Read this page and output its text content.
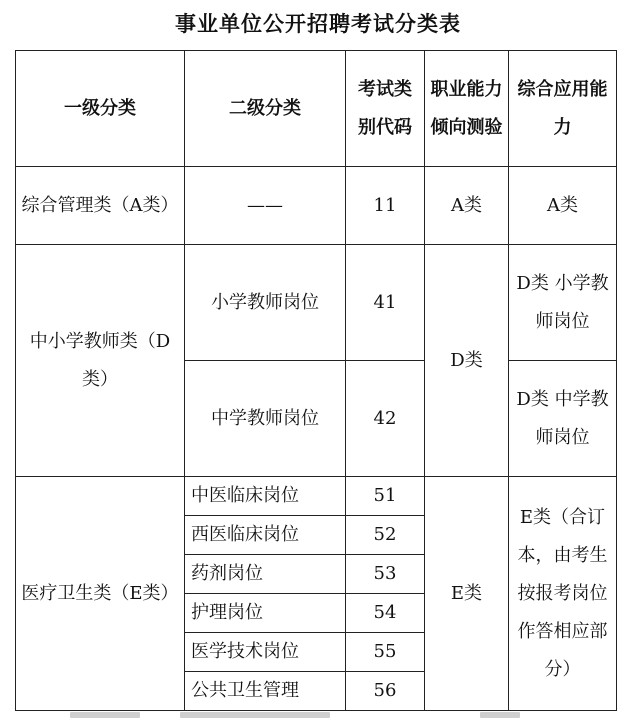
事业单位公开招聘考试分类表
一级分类	二级分类	考试类别代码	职业能力倾向测验	综合应用能力
综合管理类（A类）	——	11	A类	A类
中小学教师类（D类）	小学教师岗位	41	D类	D类 小学教师岗位
	中学教师岗位	42		D类 中学教师岗位
医疗卫生类（E类）	中医临床岗位	51	E类	E类（合订本，由考生按报考岗位作答相应部分）
	西医临床岗位	52		
	药剂岗位	53		
	护理岗位	54		
	医学技术岗位	55		
	公共卫生管理	56		
